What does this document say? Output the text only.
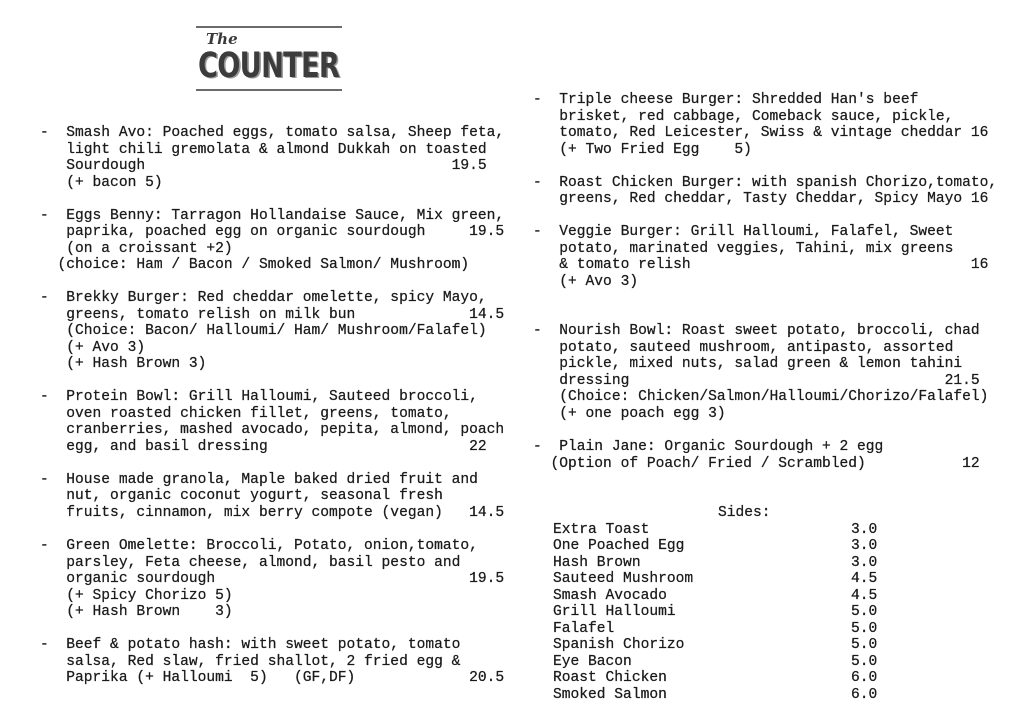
The
COUNTER
-  Smash Avo: Poached eggs, tomato salsa, Sheep feta,
light chili gremolata & almond Dukkah on toasted
Sourdough                                   19.5
(+ bacon 5)
-  Eggs Benny: Tarragon Hollandaise Sauce, Mix green,
paprika, poached egg on organic sourdough     19.5
(on a croissant +2)
(choice: Ham / Bacon / Smoked Salmon/ Mushroom)
-  Brekky Burger: Red cheddar omelette, spicy Mayo,
greens, tomato relish on milk bun             14.5
(Choice: Bacon/ Halloumi/ Ham/ Mushroom/Falafel)
(+ Avo 3)
(+ Hash Brown 3)
-  Protein Bowl: Grill Halloumi, Sauteed broccoli,
oven roasted chicken fillet, greens, tomato,
cranberries, mashed avocado, pepita, almond, poach
egg, and basil dressing                       22
-  House made granola, Maple baked dried fruit and
nut, organic coconut yogurt, seasonal fresh
fruits, cinnamon, mix berry compote (vegan)   14.5
-  Green Omelette: Broccoli, Potato, onion,tomato,
parsley, Feta cheese, almond, basil pesto and
organic sourdough                             19.5
(+ Spicy Chorizo 5)
(+ Hash Brown    3)
-  Beef & potato hash: with sweet potato, tomato
salsa, Red slaw, fried shallot, 2 fried egg &
Paprika (+ Halloumi  5)   (GF,DF)             20.5
-  Triple cheese Burger: Shredded Han's beef
brisket, red cabbage, Comeback sauce, pickle,
tomato, Red Leicester, Swiss & vintage cheddar 16
(+ Two Fried Egg    5)
-  Roast Chicken Burger: with spanish Chorizo,tomato,
greens, Red cheddar, Tasty Cheddar, Spicy Mayo 16
-  Veggie Burger: Grill Halloumi, Falafel, Sweet
potato, marinated veggies, Tahini, mix greens
& tomato relish                                16
(+ Avo 3)
-  Nourish Bowl: Roast sweet potato, broccoli, chad
potato, sauteed mushroom, antipasto, assorted
pickle, mixed nuts, salad green & lemon tahini
dressing                                    21.5
(Choice: Chicken/Salmon/Halloumi/Chorizo/Falafel)
(+ one poach egg 3)
-  Plain Jane: Organic Sourdough + 2 egg
(Option of Poach/ Fried / Scrambled)           12
Sides:
Extra Toast	3.0
One Poached Egg	3.0
Hash Brown	3.0
Sauteed Mushroom	4.5
Smash Avocado	4.5
Grill Halloumi	5.0
Falafel	5.0
Spanish Chorizo	5.0
Eye Bacon	5.0
Roast Chicken	6.0
Smoked Salmon	6.0
